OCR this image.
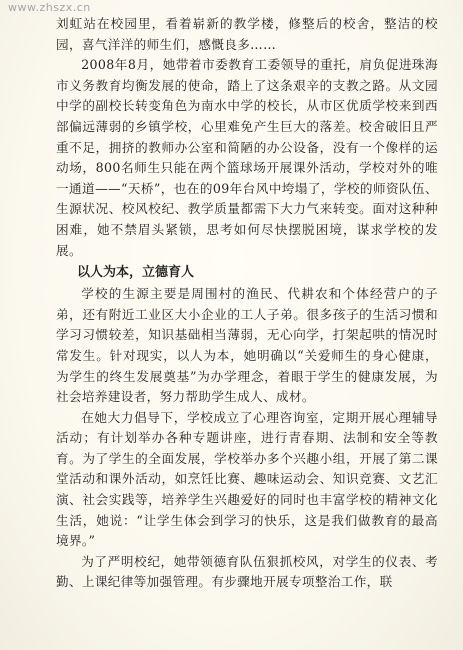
www.zhszx.cn

刘虹站在校园里，看着崭新的教学楼，修整后的校舍，整洁的校园，喜气洋洋的师生们，感慨良多……

2008年8月，她带着市委教育工委领导的重托，肩负促进珠海市义务教育均衡发展的使命，踏上了这条艰辛的支教之路。从文园中学的副校长转变角色为南水中学的校长，从市区优质学校来到西部偏远薄弱的乡镇学校，心里难免产生巨大的落差。校舍破旧且严重不足，拥挤的教师办公室和简陋的办公设备，没有一个像样的运动场，800名师生只能在两个篮球场开展课外活动，学校对外的唯一通道——“天桥”，也在的09年台风中垮塌了，学校的师资队伍、生源状况、校风校纪、教学质量都需下大力气来转变。面对这种种困难，她不禁眉头紧锁，思考如何尽快摆脱困境，谋求学校的发展。

以人为本，立德育人

学校的生源主要是周围村的渔民、代耕农和个体经营户的子弟，还有附近工业区大小企业的工人子弟。很多孩子的生活习惯和学习习惯较差，知识基础相当薄弱，无心向学，打架起哄的情况时常发生。针对现实，以人为本，她明确以“关爱师生的身心健康，为学生的终生发展奠基”为办学理念，着眼于学生的健康发展，为社会培养建设者，努力帮助学生成人、成材。

在她大力倡导下，学校成立了心理咨询室，定期开展心理辅导活动；有计划举办各种专题讲座，进行青春期、法制和安全等教育。为了学生的全面发展，学校举办多个兴趣小组，开展了第二课堂活动和课外活动，如烹饪比赛、趣味运动会、知识竞赛、文艺汇演、社会实践等，培养学生兴趣爱好的同时也丰富学校的精神文化生活，她说：“让学生体会到学习的快乐，这是我们做教育的最高境界。”

为了严明校纪，她带领德育队伍狠抓校风，对学生的仪表、考勤、上课纪律等加强管理。有步骤地开展专项整治工作，联
